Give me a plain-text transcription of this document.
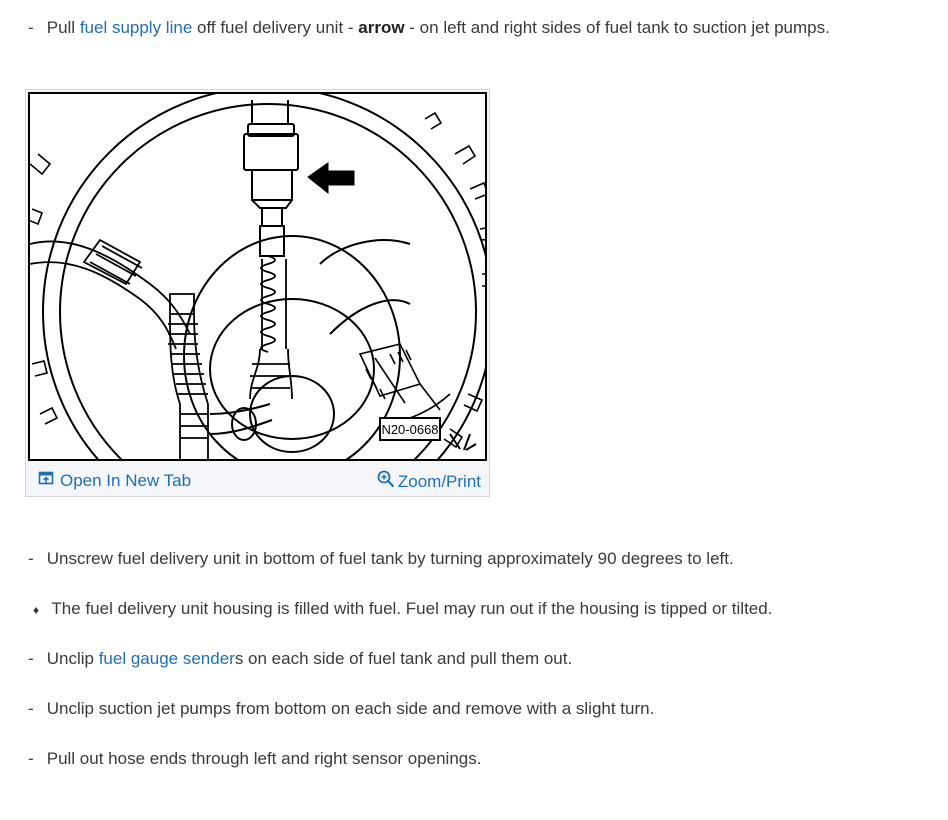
- Pull fuel supply line off fuel delivery unit - arrow - on left and right sides of fuel tank to suction jet pumps.
N20-0668
Open In New Tab	Zoom/Print
- Unscrew fuel delivery unit in bottom of fuel tank by turning approximately 90 degrees to left.
♦ The fuel delivery unit housing is filled with fuel. Fuel may run out if the housing is tipped or tilted.
- Unclip fuel gauge senders on each side of fuel tank and pull them out.
- Unclip suction jet pumps from bottom on each side and remove with a slight turn.
- Pull out hose ends through left and right sensor openings.
